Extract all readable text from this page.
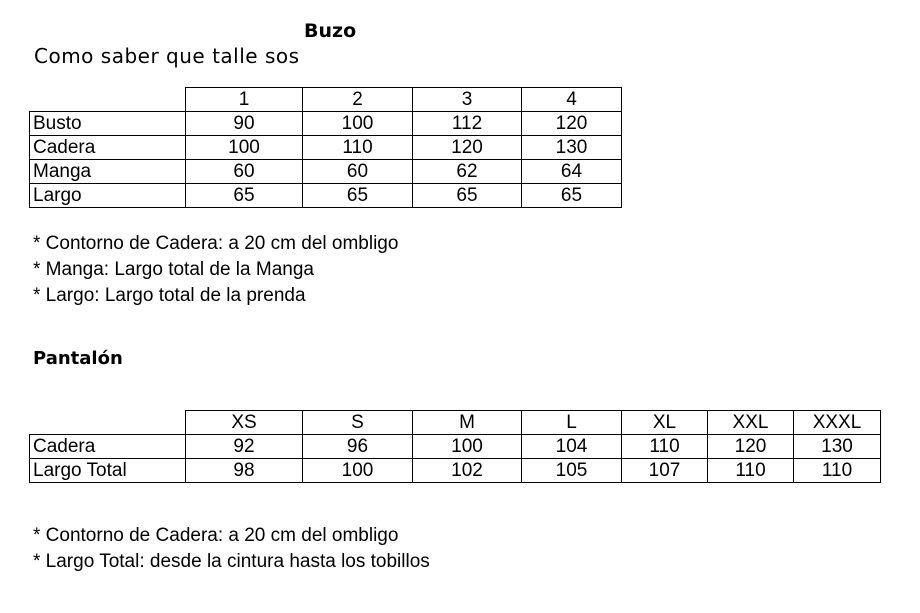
Buzo
Como saber que talle sos
	1	2	3	4
Busto	90	100	112	120
Cadera	100	110	120	130
Manga	60	60	62	64
Largo	65	65	65	65
* Contorno de Cadera: a 20 cm del ombligo
* Manga: Largo total de la Manga
* Largo: Largo total de la prenda
Pantalón
	XS	S	M	L	XL	XXL	XXXL
Cadera	92	96	100	104	110	120	130
Largo Total	98	100	102	105	107	110	110
* Contorno de Cadera: a 20 cm del ombligo
* Largo Total: desde la cintura hasta los tobillos
